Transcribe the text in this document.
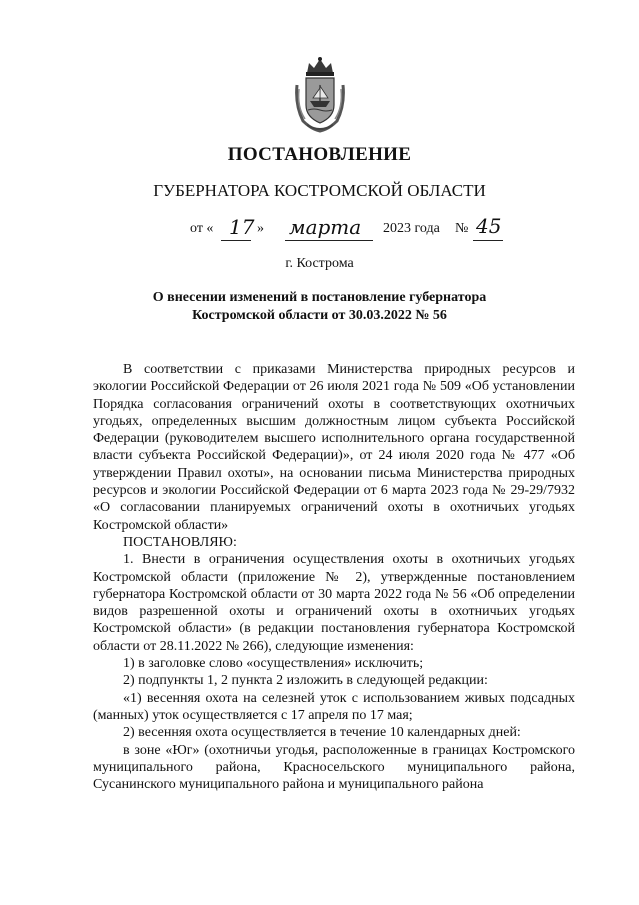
ПОСТАНОВЛЕНИЕ
ГУБЕРНАТОРА КОСТРОМСКОЙ ОБЛАСТИ
от « 17 » марта 2023 года № 45
г. Кострома
О внесении изменений в постановление губернатора
Костромской области от 30.03.2022 № 56

В соответствии с приказами Министерства природных ресурсов и экологии Российской Федерации от 26 июля 2021 года № 509 «Об установлении Порядка согласования ограничений охоты в соответствующих охотничьих угодьях, определенных высшим должностным лицом субъекта Российской Федерации (руководителем высшего исполнительного органа государственной власти субъекта Российской Федерации)», от 24 июля 2020 года № 477 «Об утверждении Правил охоты», на основании письма Министерства природных ресурсов и экологии Российской Федерации от 6 марта 2023 года № 29-29/7932 «О согласовании планируемых ограничений охоты в охотничьих угодьях Костромской области»

ПОСТАНОВЛЯЮ:

1. Внести в ограничения осуществления охоты в охотничьих угодьях Костромской области (приложение № 2), утвержденные постановлением губернатора Костромской области от 30 марта 2022 года № 56 «Об определении видов разрешенной охоты и ограничений охоты в охотничьих угодьях Костромской области» (в редакции постановления губернатора Костромской области от 28.11.2022 № 266), следующие изменения:

1) в заголовке слово «осуществления» исключить;

2) подпункты 1, 2 пункта 2 изложить в следующей редакции:

«1) весенняя охота на селезней уток с использованием живых подсадных (манных) уток осуществляется с 17 апреля по 17 мая;

2) весенняя охота осуществляется в течение 10 календарных дней:

в зоне «Юг» (охотничьи угодья, расположенные в границах Костромского муниципального района, Красносельского муниципального района, Сусанинского муниципального района и муниципального района
